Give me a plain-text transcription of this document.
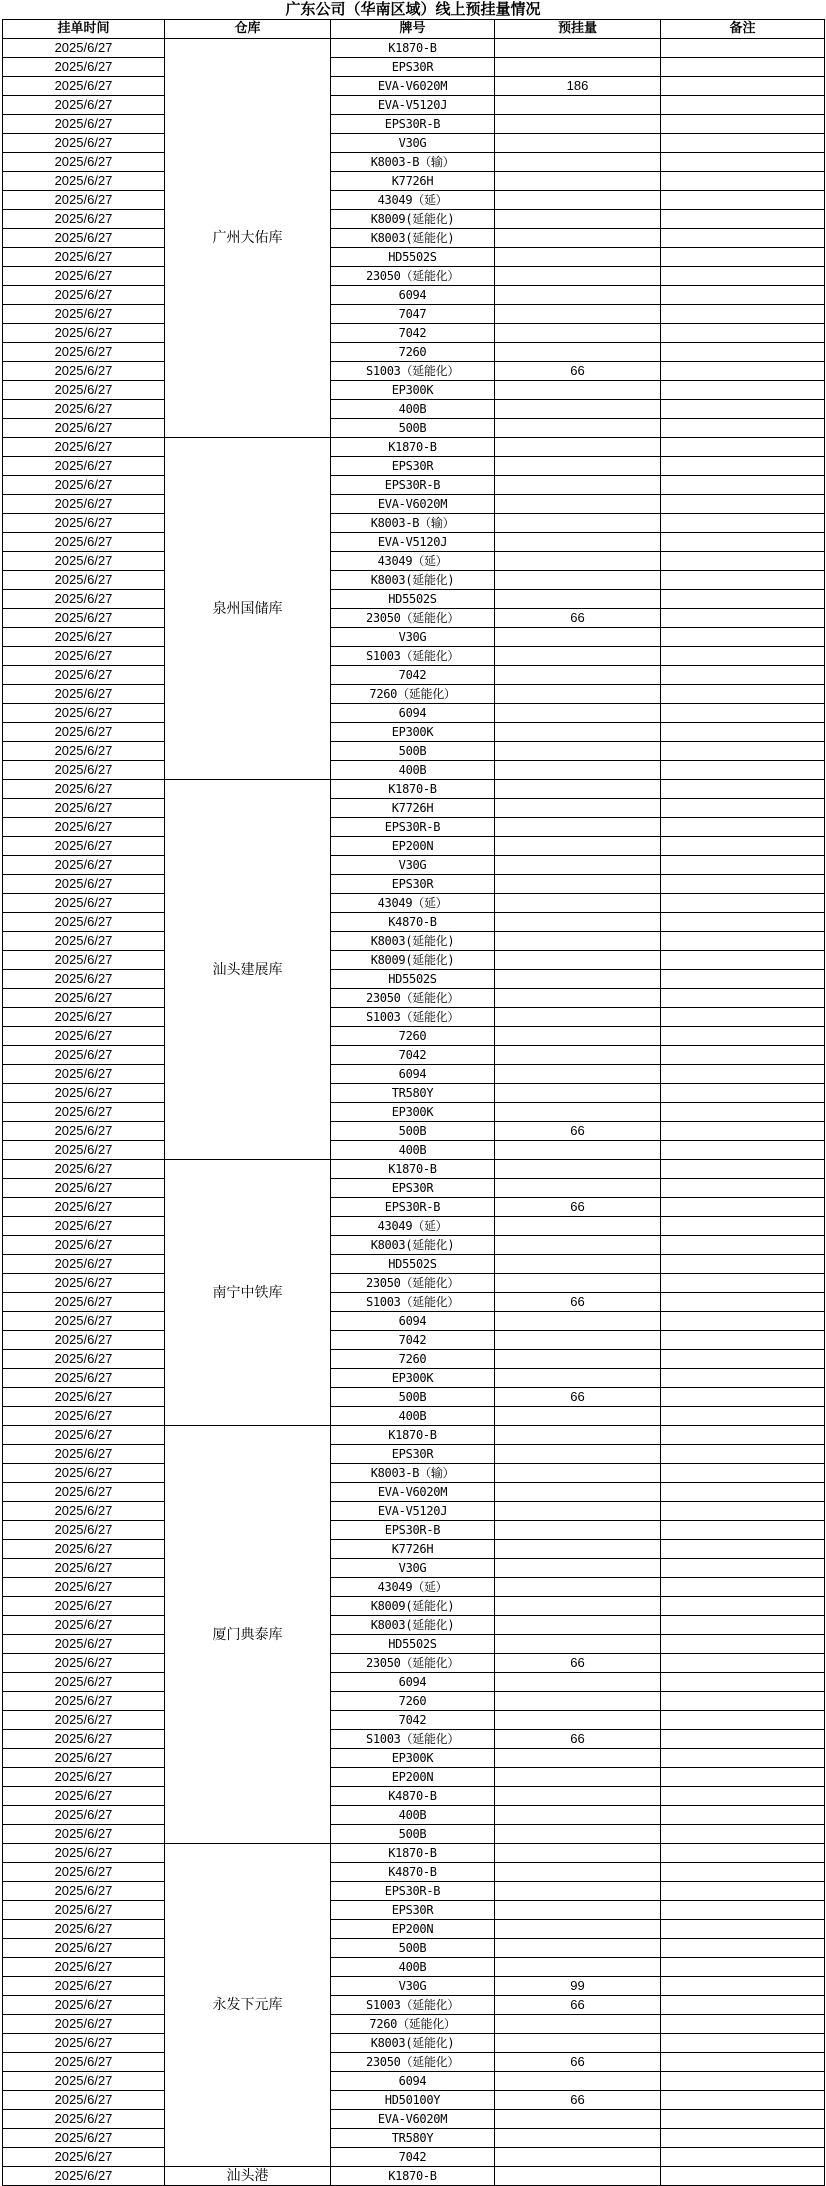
广东公司（华南区域）线上预挂量情况
挂单时间	仓库	牌号	预挂量	备注
2025/6/27	广州大佑库	K1870-B		
2025/6/27		EPS30R		
2025/6/27		EVA-V6020M	186	
2025/6/27		EVA-V5120J		
2025/6/27		EPS30R-B		
2025/6/27		V30G		
2025/6/27		K8003-B（输）		
2025/6/27		K7726H		
2025/6/27		43049（延）		
2025/6/27		K8009(延能化)		
2025/6/27		K8003(延能化)		
2025/6/27		HD5502S		
2025/6/27		23050（延能化）		
2025/6/27		6094		
2025/6/27		7047		
2025/6/27		7042		
2025/6/27		7260		
2025/6/27		S1003（延能化）	66	
2025/6/27		EP300K		
2025/6/27		400B		
2025/6/27		500B		
2025/6/27	泉州国储库	K1870-B		
2025/6/27		EPS30R		
2025/6/27		EPS30R-B		
2025/6/27		EVA-V6020M		
2025/6/27		K8003-B（输）		
2025/6/27		EVA-V5120J		
2025/6/27		43049（延）		
2025/6/27		K8003(延能化)		
2025/6/27		HD5502S		
2025/6/27		23050（延能化）	66	
2025/6/27		V30G		
2025/6/27		S1003（延能化）		
2025/6/27		7042		
2025/6/27		7260（延能化）		
2025/6/27		6094		
2025/6/27		EP300K		
2025/6/27		500B		
2025/6/27		400B		
2025/6/27	汕头建展库	K1870-B		
2025/6/27		K7726H		
2025/6/27		EPS30R-B		
2025/6/27		EP200N		
2025/6/27		V30G		
2025/6/27		EPS30R		
2025/6/27		43049（延）		
2025/6/27		K4870-B		
2025/6/27		K8003(延能化)		
2025/6/27		K8009(延能化)		
2025/6/27		HD5502S		
2025/6/27		23050（延能化）		
2025/6/27		S1003（延能化）		
2025/6/27		7260		
2025/6/27		7042		
2025/6/27		6094		
2025/6/27		TR580Y		
2025/6/27		EP300K		
2025/6/27		500B	66	
2025/6/27		400B		
2025/6/27	南宁中铁库	K1870-B		
2025/6/27		EPS30R		
2025/6/27		EPS30R-B	66	
2025/6/27		43049（延）		
2025/6/27		K8003(延能化)		
2025/6/27		HD5502S		
2025/6/27		23050（延能化）		
2025/6/27		S1003（延能化）	66	
2025/6/27		6094		
2025/6/27		7042		
2025/6/27		7260		
2025/6/27		EP300K		
2025/6/27		500B	66	
2025/6/27		400B		
2025/6/27	厦门典泰库	K1870-B		
2025/6/27		EPS30R		
2025/6/27		K8003-B（输）		
2025/6/27		EVA-V6020M		
2025/6/27		EVA-V5120J		
2025/6/27		EPS30R-B		
2025/6/27		K7726H		
2025/6/27		V30G		
2025/6/27		43049（延）		
2025/6/27		K8009(延能化)		
2025/6/27		K8003(延能化)		
2025/6/27		HD5502S		
2025/6/27		23050（延能化）	66	
2025/6/27		6094		
2025/6/27		7260		
2025/6/27		7042		
2025/6/27		S1003（延能化）	66	
2025/6/27		EP300K		
2025/6/27		EP200N		
2025/6/27		K4870-B		
2025/6/27		400B		
2025/6/27		500B		
2025/6/27	永发下元库	K1870-B		
2025/6/27		K4870-B		
2025/6/27		EPS30R-B		
2025/6/27		EPS30R		
2025/6/27		EP200N		
2025/6/27		500B		
2025/6/27		400B		
2025/6/27		V30G	99	
2025/6/27		S1003（延能化）	66	
2025/6/27		7260（延能化）		
2025/6/27		K8003(延能化)		
2025/6/27		23050（延能化）	66	
2025/6/27		6094		
2025/6/27		HD50100Y	66	
2025/6/27		EVA-V6020M		
2025/6/27		TR580Y		
2025/6/27		7042		
2025/6/27	汕头港	K1870-B		
